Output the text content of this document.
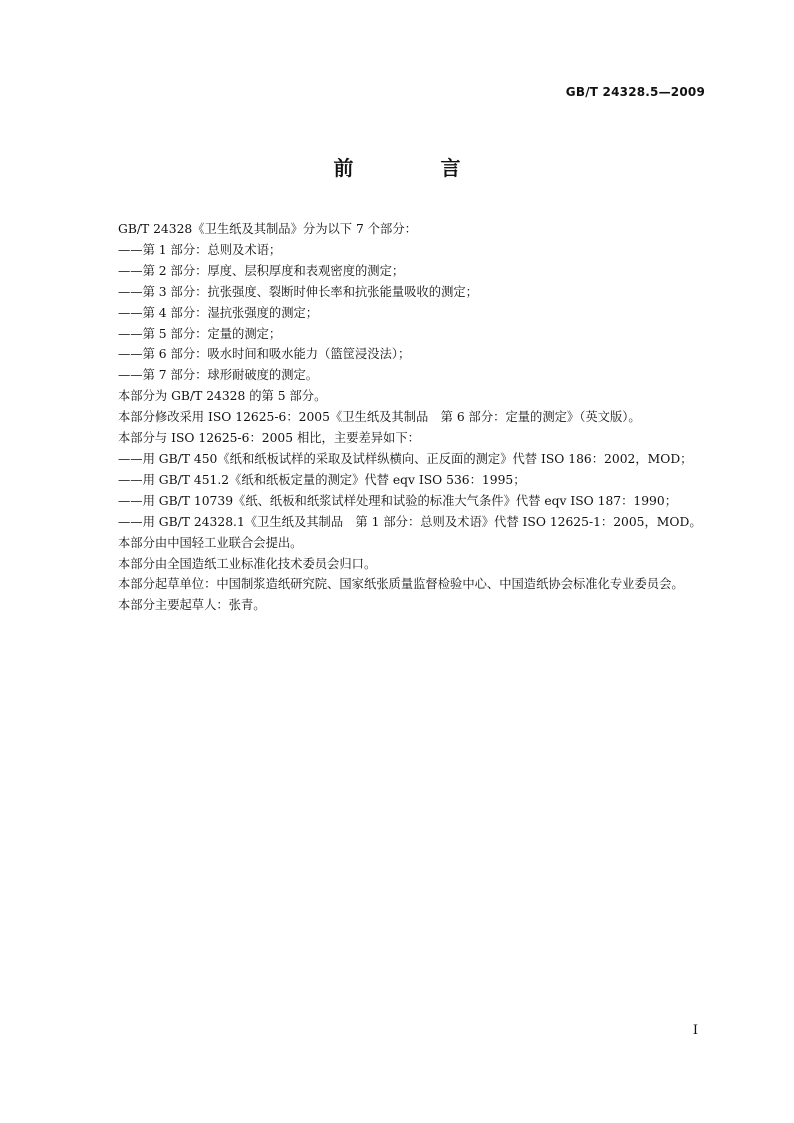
GB/T 24328.5—2009
前 言

GB/T 24328《卫生纸及其制品》分为以下 7 个部分：

——第 1 部分：总则及术语；

——第 2 部分：厚度、层积厚度和表观密度的测定；

——第 3 部分：抗张强度、裂断时伸长率和抗张能量吸收的测定；

——第 4 部分：湿抗张强度的测定；

——第 5 部分：定量的测定；

——第 6 部分：吸水时间和吸水能力（篮筐浸没法）；

——第 7 部分：球形耐破度的测定。

本部分为 GB/T 24328 的第 5 部分。

本部分修改采用 ISO 12625-6：2005《卫生纸及其制品　第 6 部分：定量的测定》（英文版）。

本部分与 ISO 12625-6：2005 相比，主要差异如下：

——用 GB/T 450《纸和纸板试样的采取及试样纵横向、正反面的测定》代替 ISO 186：2002，MOD；

——用 GB/T 451.2《纸和纸板定量的测定》代替 eqv ISO 536：1995；

——用 GB/T 10739《纸、纸板和纸浆试样处理和试验的标准大气条件》代替 eqv ISO 187：1990；

——用 GB/T 24328.1《卫生纸及其制品　第 1 部分：总则及术语》代替 ISO 12625-1：2005，MOD。

本部分由中国轻工业联合会提出。

本部分由全国造纸工业标准化技术委员会归口。

本部分起草单位：中国制浆造纸研究院、国家纸张质量监督检验中心、中国造纸协会标准化专业委员会。

本部分主要起草人：张青。

I
